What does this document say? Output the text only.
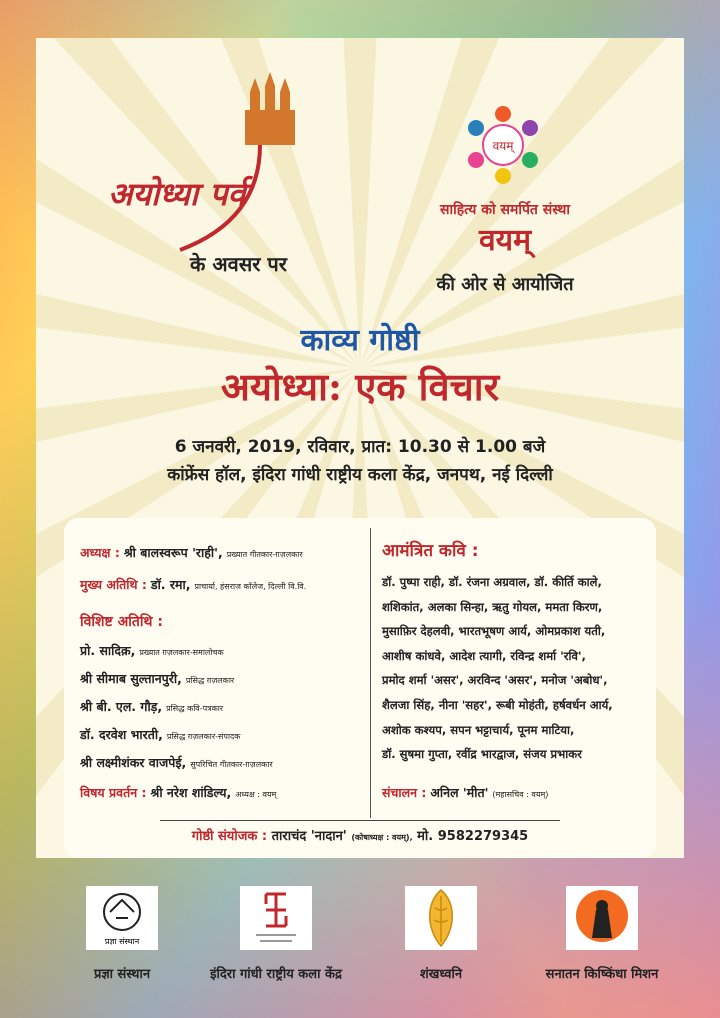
अयोध्या पर्व
के अवसर पर
वयम्
साहित्य को समर्पित संस्था
वयम्
की ओर से आयोजित
काव्य गोष्ठी
अयोध्या: एक विचार
6 जनवरी, 2019, रविवार, प्रात: 10.30 से 1.00 बजे
कांफ्रेंस हॉल, इंदिरा गांधी राष्ट्रीय कला केंद्र, जनपथ, नई दिल्ली
अध्यक्ष : श्री बालस्वरूप 'राही', प्रख्यात गीतकार-ग़ज़लकार
मुख्य अतिथि : डॉ. रमा, प्राचार्या, हंसराज कॉलेज, दिल्ली वि.वि.
विशिष्ट अतिथि :
प्रो. सादिक़, प्रख्यात ग़ज़लकार-समालोचक
श्री सीमाब सुल्तानपुरी, प्रसिद्ध ग़ज़लकार
श्री बी. एल. गौड़, प्रसिद्ध कवि-पत्रकार
डॉ. दरवेश भारती, प्रसिद्ध ग़ज़लकार-संपादक
श्री लक्ष्मीशंकर वाजपेई, सुपरिचित गीतकार-ग़ज़लकार
विषय प्रवर्तन : श्री नरेश शांडिल्य, अध्यक्ष : वयम्
आमंत्रित कवि :
डॉ. पुष्पा राही, डॉ. रंजना अग्रवाल, डॉ. कीर्ति काले,
शशिकांत, अलका सिन्हा, ऋतु गोयल, ममता किरण,
मुसाफ़िर देहलवी, भारतभूषण आर्य, ओमप्रकाश यती,
आशीष कांधवे, आदेश त्यागी, रविन्द्र शर्मा 'रवि',
प्रमोद शर्मा 'असर', अरविन्द 'असर', मनोज 'अबोध',
शैलजा सिंह, नीना 'सहर', रूबी मोहंती, हर्षवर्धन आर्य,
अशोक कश्यप, सपन भट्टाचार्य, पूनम माटिया,
डॉ. सुषमा गुप्ता, रवींद्र भारद्वाज, संजय प्रभाकर
संचालन : अनिल 'मीत' (महासचिव : वयम्)
गोष्ठी संयोजक : ताराचंद 'नादान' (कोषाध्यक्ष : वयम्), मो. 9582279345
प्रज्ञा संस्थान
प्रज्ञा संस्थान	इंदिरा गांधी राष्ट्रीय कला केंद्र	शंखध्वनि	सनातन किष्किंधा मिशन
